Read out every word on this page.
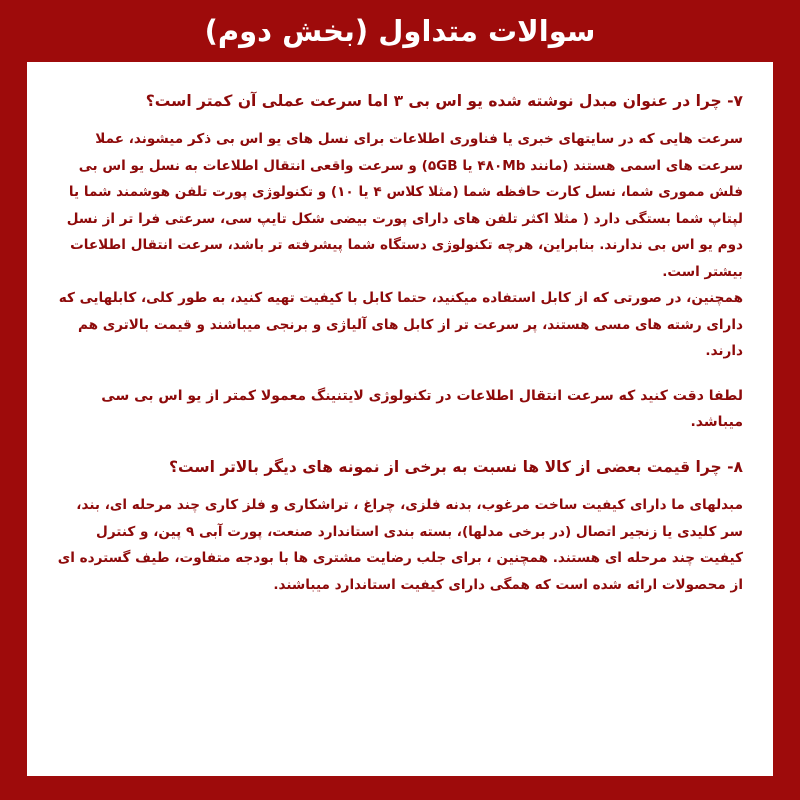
سوالات متداول (بخش دوم)
۷- چرا در عنوان مبدل نوشته شده یو اس بی ۳ اما سرعت عملی آن کمتر است؟

سرعت هایی که در سایتهای خبری یا فناوری اطلاعات برای نسل های یو اس بی ذکر میشوند، عملا سرعت های اسمی هستند (مانند ۴۸۰Mb یا ۵GB) و سرعت واقعی انتقال اطلاعات به نسل یو اس بی فلش مموری شما، نسل کارت حافظه شما (مثلا کلاس ۴ یا ۱۰) و تکنولوژی پورت تلفن هوشمند شما یا لپتاپ شما بستگی دارد ( مثلا اکثر تلفن های دارای پورت بیضی شکل تایپ سی، سرعتی فرا تر از نسل دوم یو اس بی ندارند. بنابراین، هرچه تکنولوژی دستگاه شما پیشرفته تر باشد، سرعت انتقال اطلاعات بیشتر است.

همچنین، در صورتی که از کابل استفاده میکنید، حتما کابل با کیفیت تهیه کنید، به طور کلی، کابلهایی که دارای رشته های مسی هستند، پر سرعت تر از کابل های آلیاژی و برنجی میباشند و قیمت بالاتری هم دارند.

لطفا دقت کنید که سرعت انتقال اطلاعات در تکنولوژی لایتنینگ معمولا کمتر از یو اس بی سی میباشد.
۸- چرا قیمت بعضی از کالا ها نسبت به برخی از نمونه های دیگر بالاتر است؟

مبدلهای ما دارای کیفیت ساخت مرغوب، بدنه فلزی، چراغ ، تراشکاری و فلز کاری چند مرحله ای، بند، سر کلیدی یا زنجیر اتصال (در برخی مدلها)، بسته بندی استاندارد صنعت، پورت آبی ۹ پین، و کنترل کیفیت چند مرحله ای هستند. همچنین ، برای جلب رضایت مشتری ها با بودجه متفاوت، طیف گسترده ای از محصولات ارائه شده است که همگی دارای کیفیت استاندارد میباشند.
